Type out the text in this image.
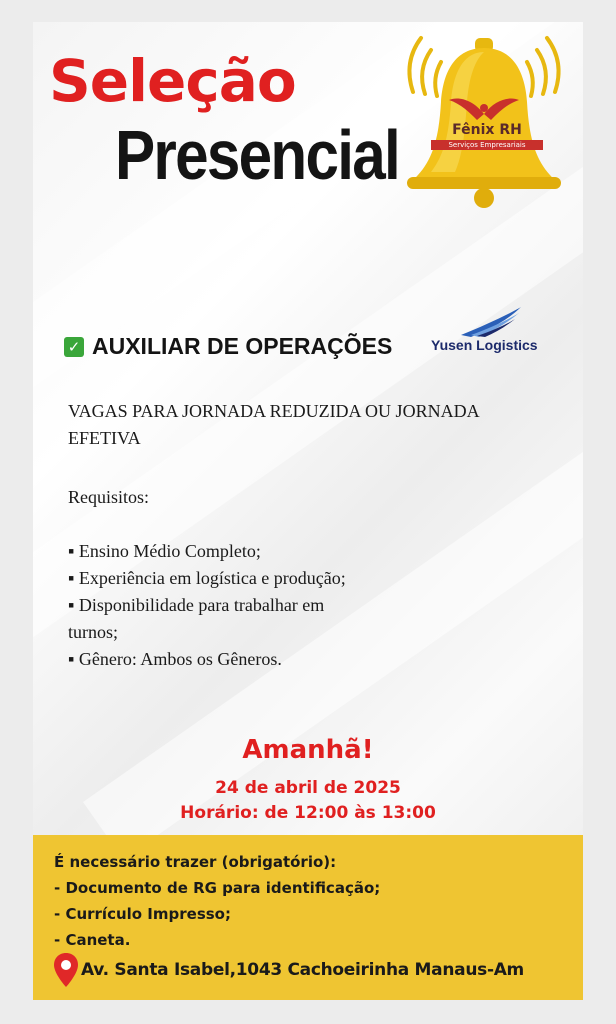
Seleção
Presencial	Fênix RH
Serviços Empresariais
✓ AUXILIAR DE OPERAÇÕES	Yusen Logistics
VAGAS PARA JORNADA REDUZIDA OU JORNADA EFETIVA
Requisitos:
▪ Ensino Médio Completo;
▪ Experiência em logística e produção;
▪ Disponibilidade para trabalhar em
turnos;
▪ Gênero: Ambos os Gêneros.
Amanhã!
24 de abril de 2025
Horário: de 12:00 às 13:00
É necessário trazer (obrigatório):
- Documento de RG para identificação;
- Currículo Impresso;
- Caneta.
Av. Santa Isabel,1043 Cachoeirinha Manaus-Am
